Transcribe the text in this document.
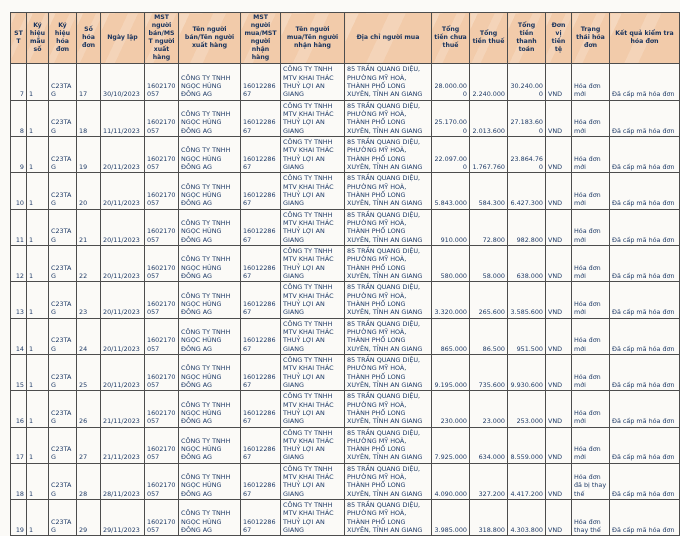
STT	Ký hiệu mẫu số	Ký hiệu hóa đơn	Số hóa đơn	Ngày lập	MST người bán/MST người xuất hàng	Tên người bán/Tên người xuất hàng	MST người mua/MST người nhận hàng	Tên người mua/Tên người nhận hàng	Địa chỉ người mua	Tổng tiền chưa thuế	Tổng tiền thuế	Tổng tiền thanh toán	Đơn vị tiền tệ	Trạng thái hóa đơn	Kết quả kiểm tra hóa đơn
7	1	C23TAG	17	30/10/2023	1602170057	CÔNG TY TNHH NGỌC HÙNG ĐÔNG AG	1601228667	CÔNG TY TNHH MTV KHAI THÁC THUỶ LỢI AN GIANG	85 TRẦN QUANG DIỆU, PHƯỜNG MỸ HOÀ, THÀNH PHỐ LONG XUYÊN, TỈNH AN GIANG	28.000.000	2.240.000	30.240.000	VND	Hóa đơn mới	Đã cấp mã hóa đơn
8	1	C23TAG	18	11/11/2023	1602170057	CÔNG TY TNHH NGỌC HÙNG ĐÔNG AG	1601228667	CÔNG TY TNHH MTV KHAI THÁC THUỶ LỢI AN GIANG	85 TRẦN QUANG DIỆU, PHƯỜNG MỸ HOÀ, THÀNH PHỐ LONG XUYÊN, TỈNH AN GIANG	25.170.000	2.013.600	27.183.600	VND	Hóa đơn mới	Đã cấp mã hóa đơn
9	1	C23TAG	19	20/11/2023	1602170057	CÔNG TY TNHH NGỌC HÙNG ĐÔNG AG	1601228667	CÔNG TY TNHH MTV KHAI THÁC THUỶ LỢI AN GIANG	85 TRẦN QUANG DIỆU, PHƯỜNG MỸ HOÀ, THÀNH PHỐ LONG XUYÊN, TỈNH AN GIANG	22.097.000	1.767.760	23.864.760	VND	Hóa đơn mới	Đã cấp mã hóa đơn
10	1	C23TAG	20	20/11/2023	1602170057	CÔNG TY TNHH NGỌC HÙNG ĐÔNG AG	1601228667	CÔNG TY TNHH MTV KHAI THÁC THUỶ LỢI AN GIANG	85 TRẦN QUANG DIỆU, PHƯỜNG MỸ HOÀ, THÀNH PHỐ LONG XUYÊN, TỈNH AN GIANG	5.843.000	584.300	6.427.300	VND	Hóa đơn mới	Đã cấp mã hóa đơn
11	1	C23TAG	21	20/11/2023	1602170057	CÔNG TY TNHH NGỌC HÙNG ĐÔNG AG	1601228667	CÔNG TY TNHH MTV KHAI THÁC THUỶ LỢI AN GIANG	85 TRẦN QUANG DIỆU, PHƯỜNG MỸ HOÀ, THÀNH PHỐ LONG XUYÊN, TỈNH AN GIANG	910.000	72.800	982.800	VND	Hóa đơn mới	Đã cấp mã hóa đơn
12	1	C23TAG	22	20/11/2023	1602170057	CÔNG TY TNHH NGỌC HÙNG ĐÔNG AG	1601228667	CÔNG TY TNHH MTV KHAI THÁC THUỶ LỢI AN GIANG	85 TRẦN QUANG DIỆU, PHƯỜNG MỸ HOÀ, THÀNH PHỐ LONG XUYÊN, TỈNH AN GIANG	580.000	58.000	638.000	VND	Hóa đơn mới	Đã cấp mã hóa đơn
13	1	C23TAG	23	20/11/2023	1602170057	CÔNG TY TNHH NGỌC HÙNG ĐÔNG AG	1601228667	CÔNG TY TNHH MTV KHAI THÁC THUỶ LỢI AN GIANG	85 TRẦN QUANG DIỆU, PHƯỜNG MỸ HOÀ, THÀNH PHỐ LONG XUYÊN, TỈNH AN GIANG	3.320.000	265.600	3.585.600	VND	Hóa đơn mới	Đã cấp mã hóa đơn
14	1	C23TAG	24	20/11/2023	1602170057	CÔNG TY TNHH NGỌC HÙNG ĐÔNG AG	1601228667	CÔNG TY TNHH MTV KHAI THÁC THUỶ LỢI AN GIANG	85 TRẦN QUANG DIỆU, PHƯỜNG MỸ HOÀ, THÀNH PHỐ LONG XUYÊN, TỈNH AN GIANG	865.000	86.500	951.500	VND	Hóa đơn mới	Đã cấp mã hóa đơn
15	1	C23TAG	25	20/11/2023	1602170057	CÔNG TY TNHH NGỌC HÙNG ĐÔNG AG	1601228667	CÔNG TY TNHH MTV KHAI THÁC THUỶ LỢI AN GIANG	85 TRẦN QUANG DIỆU, PHƯỜNG MỸ HOÀ, THÀNH PHỐ LONG XUYÊN, TỈNH AN GIANG	9.195.000	735.600	9.930.600	VND	Hóa đơn mới	Đã cấp mã hóa đơn
16	1	C23TAG	26	21/11/2023	1602170057	CÔNG TY TNHH NGỌC HÙNG ĐÔNG AG	1601228667	CÔNG TY TNHH MTV KHAI THÁC THUỶ LỢI AN GIANG	85 TRẦN QUANG DIỆU, PHƯỜNG MỸ HOÀ, THÀNH PHỐ LONG XUYÊN, TỈNH AN GIANG	230.000	23.000	253.000	VND	Hóa đơn mới	Đã cấp mã hóa đơn
17	1	C23TAG	27	21/11/2023	1602170057	CÔNG TY TNHH NGỌC HÙNG ĐÔNG AG	1601228667	CÔNG TY TNHH MTV KHAI THÁC THUỶ LỢI AN GIANG	85 TRẦN QUANG DIỆU, PHƯỜNG MỸ HOÀ, THÀNH PHỐ LONG XUYÊN, TỈNH AN GIANG	7.925.000	634.000	8.559.000	VND	Hóa đơn mới	Đã cấp mã hóa đơn
18	1	C23TAG	28	28/11/2023	1602170057	CÔNG TY TNHH NGỌC HÙNG ĐÔNG AG	1601228667	CÔNG TY TNHH MTV KHAI THÁC THUỶ LỢI AN GIANG	85 TRẦN QUANG DIỆU, PHƯỜNG MỸ HOÀ, THÀNH PHỐ LONG XUYÊN, TỈNH AN GIANG	4.090.000	327.200	4.417.200	VND	Hóa đơn đã bị thay thế	Đã cấp mã hóa đơn
19	1	C23TAG	29	29/11/2023	1602170057	CÔNG TY TNHH NGỌC HÙNG ĐÔNG AG	1601228667	CÔNG TY TNHH MTV KHAI THÁC THUỶ LỢI AN GIANG	85 TRẦN QUANG DIỆU, PHƯỜNG MỸ HOÀ, THÀNH PHỐ LONG XUYÊN, TỈNH AN GIANG	3.985.000	318.800	4.303.800	VND	Hóa đơn thay thế	Đã cấp mã hóa đơn
